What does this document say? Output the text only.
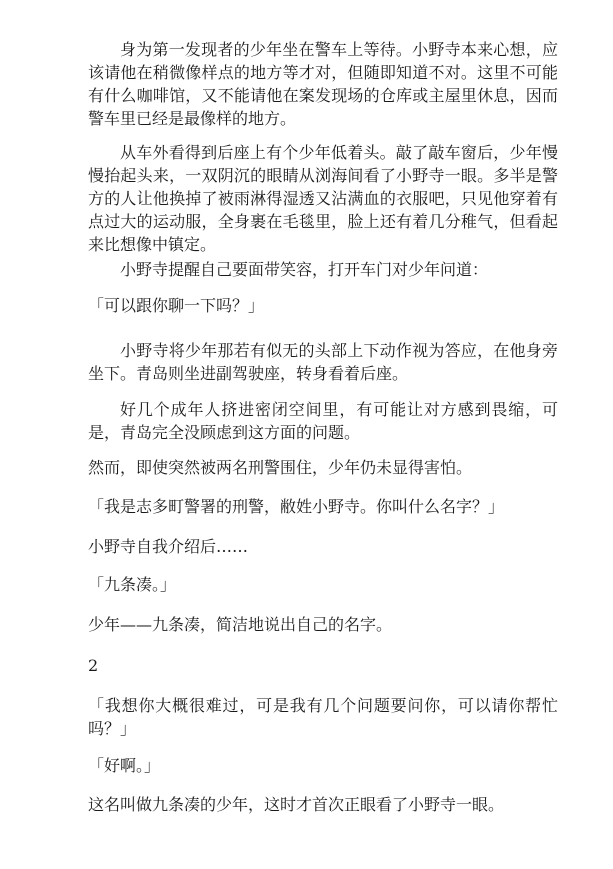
身为第一发现者的少年坐在警车上等待。小野寺本来心想，应该请他在稍微像样点的地方等才对，但随即知道不对。这里不可能有什么咖啡馆，又不能请他在案发现场的仓库或主屋里休息，因而警车里已经是最像样的地方。

从车外看得到后座上有个少年低着头。敲了敲车窗后，少年慢慢抬起头来，一双阴沉的眼睛从浏海间看了小野寺一眼。多半是警方的人让他换掉了被雨淋得湿透又沾满血的衣服吧，只见他穿着有点过大的运动服，全身裹在毛毯里，脸上还有着几分稚气，但看起来比想像中镇定。

小野寺提醒自己要面带笑容，打开车门对少年问道：

「可以跟你聊一下吗？」

小野寺将少年那若有似无的头部上下动作视为答应，在他身旁坐下。青岛则坐进副驾驶座，转身看着后座。

好几个成年人挤进密闭空间里，有可能让对方感到畏缩，可是，青岛完全没顾虑到这方面的问题。

然而，即使突然被两名刑警围住，少年仍未显得害怕。

「我是志多町警署的刑警，敝姓小野寺。你叫什么名字？」

小野寺自我介绍后……

「九条凑。」

少年——九条凑，简洁地说出自己的名字。

2

「我想你大概很难过，可是我有几个问题要问你，可以请你帮忙吗？」

「好啊。」

这名叫做九条凑的少年，这时才首次正眼看了小野寺一眼。
